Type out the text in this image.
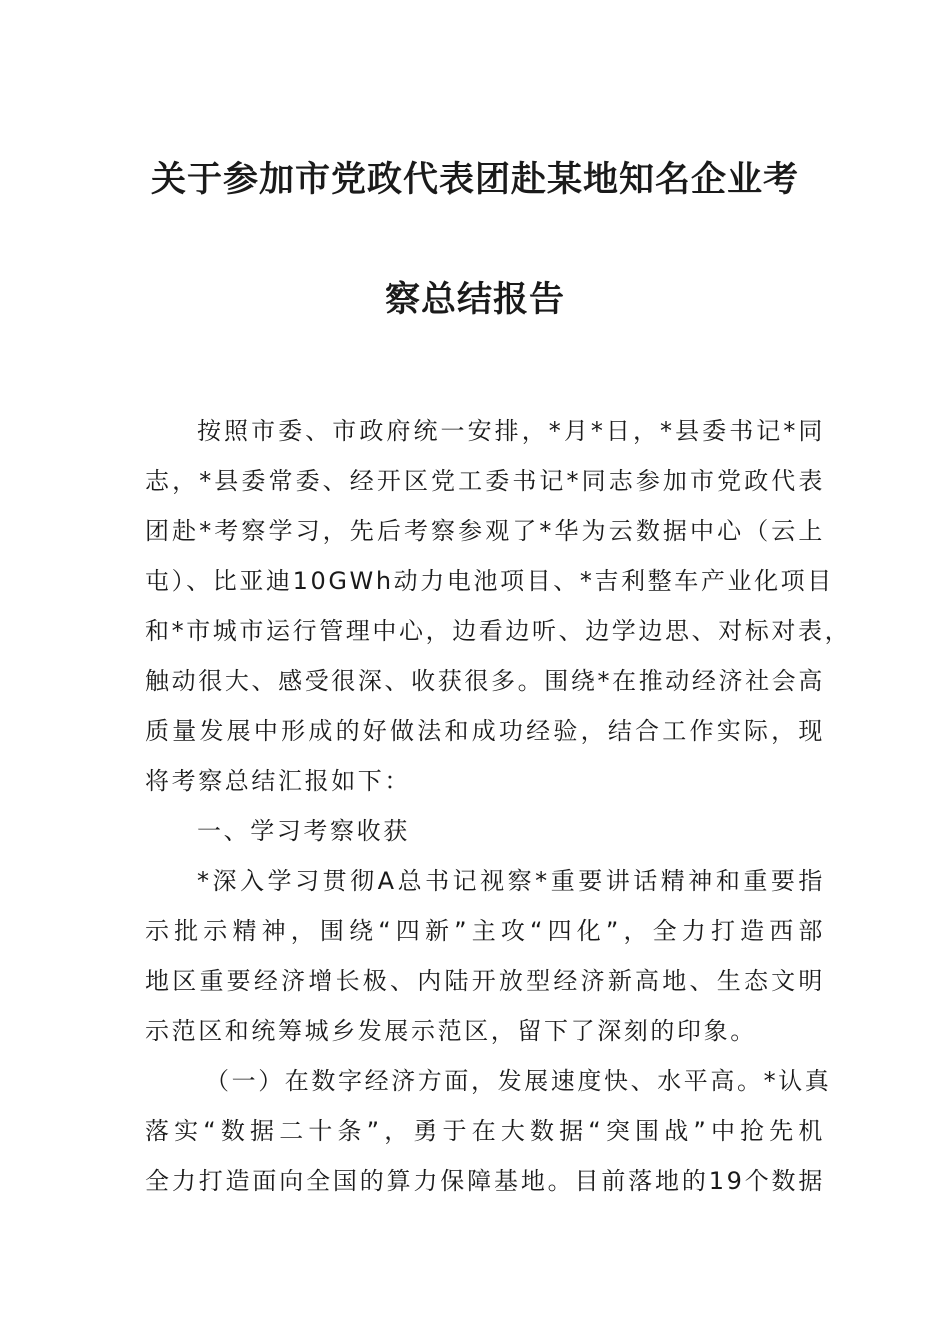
关于参加市党政代表团赴某地知名企业考
察总结报告
按照市委、市政府统一安排，*月*日，*县委书记*同
志，*县委常委、经开区党工委书记*同志参加市党政代表
团赴*考察学习，先后考察参观了*华为云数据中心（云上
屯）、比亚迪10GWh动力电池项目、*吉利整车产业化项目
和*市城市运行管理中心，边看边听、边学边思、对标对表，
触动很大、感受很深、收获很多。围绕*在推动经济社会高
质量发展中形成的好做法和成功经验，结合工作实际，现
将考察总结汇报如下：
一、学习考察收获
*深入学习贯彻A总书记视察*重要讲话精神和重要指
示批示精神，围绕“四新”主攻“四化”，全力打造西部
地区重要经济增长极、内陆开放型经济新高地、生态文明
示范区和统筹城乡发展示范区，留下了深刻的印象。
（一）在数字经济方面，发展速度快、水平高。*认真
落实“数据二十条”，勇于在大数据“突围战”中抢先机
全力打造面向全国的算力保障基地。目前落地的19个数据
